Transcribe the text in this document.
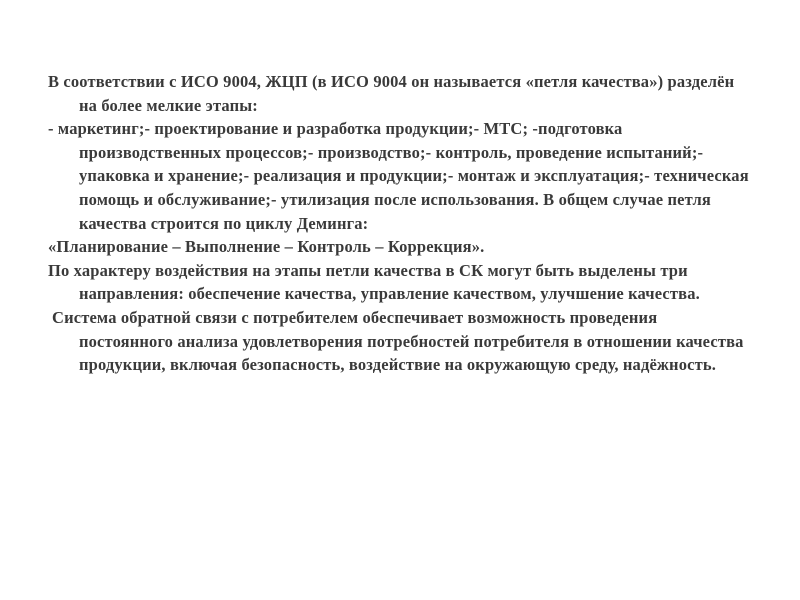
В соответствии с ИСО 9004, ЖЦП (в ИСО 9004 он называется «петля качества») разделён на более мелкие этапы:

- маркетинг;- проектирование и разработка продукции;- МТС; -подготовка производственных процессов;- производство;- контроль, проведение испытаний;- упаковка и хранение;- реализация и продукции;- монтаж и эксплуатация;- техническая помощь и обслуживание;- утилизация после использования. В общем случае петля качества строится по циклу Деминга:

«Планирование – Выполнение – Контроль – Коррекция».

По характеру воздействия на этапы петли качества в СК могут быть выделены три направления: обеспечение качества, управление качеством, улучшение качества.

Система обратной связи с потребителем обеспечивает возможность проведения постоянного анализа удовлетворения потребностей потребителя в отношении качества продукции, включая безопасность, воздействие на окружающую среду, надёжность.
